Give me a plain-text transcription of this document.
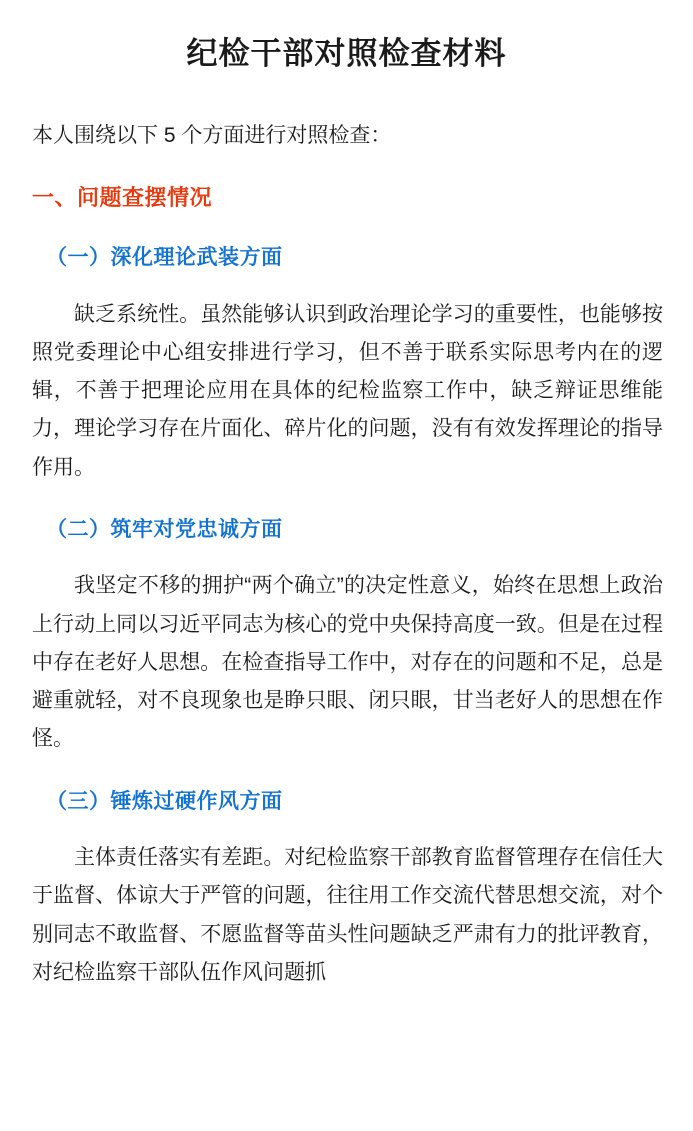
纪检干部对照检查材料

本人围绕以下 5 个方面进行对照检查：

一、问题查摆情况
（一）深化理论武装方面

缺乏系统性。虽然能够认识到政治理论学习的重要性，也能够按照党委理论中心组安排进行学习，但不善于联系实际思考内在的逻辑，不善于把理论应用在具体的纪检监察工作中，缺乏辩证思维能力，理论学习存在片面化、碎片化的问题，没有有效发挥理论的指导作用。

（二）筑牢对党忠诚方面

我坚定不移的拥护“两个确立”的决定性意义，始终在思想上政治上行动上同以习近平同志为核心的党中央保持高度一致。但是在过程中存在老好人思想。在检查指导工作中，对存在的问题和不足，总是避重就轻，对不良现象也是睁只眼、闭只眼，甘当老好人的思想在作怪。

（三）锤炼过硬作风方面

主体责任落实有差距。对纪检监察干部教育监督管理存在信任大于监督、体谅大于严管的问题，往往用工作交流代替思想交流，对个别同志不敢监督、不愿监督等苗头性问题缺乏严肃有力的批评教育，对纪检监察干部队伍作风问题抓
